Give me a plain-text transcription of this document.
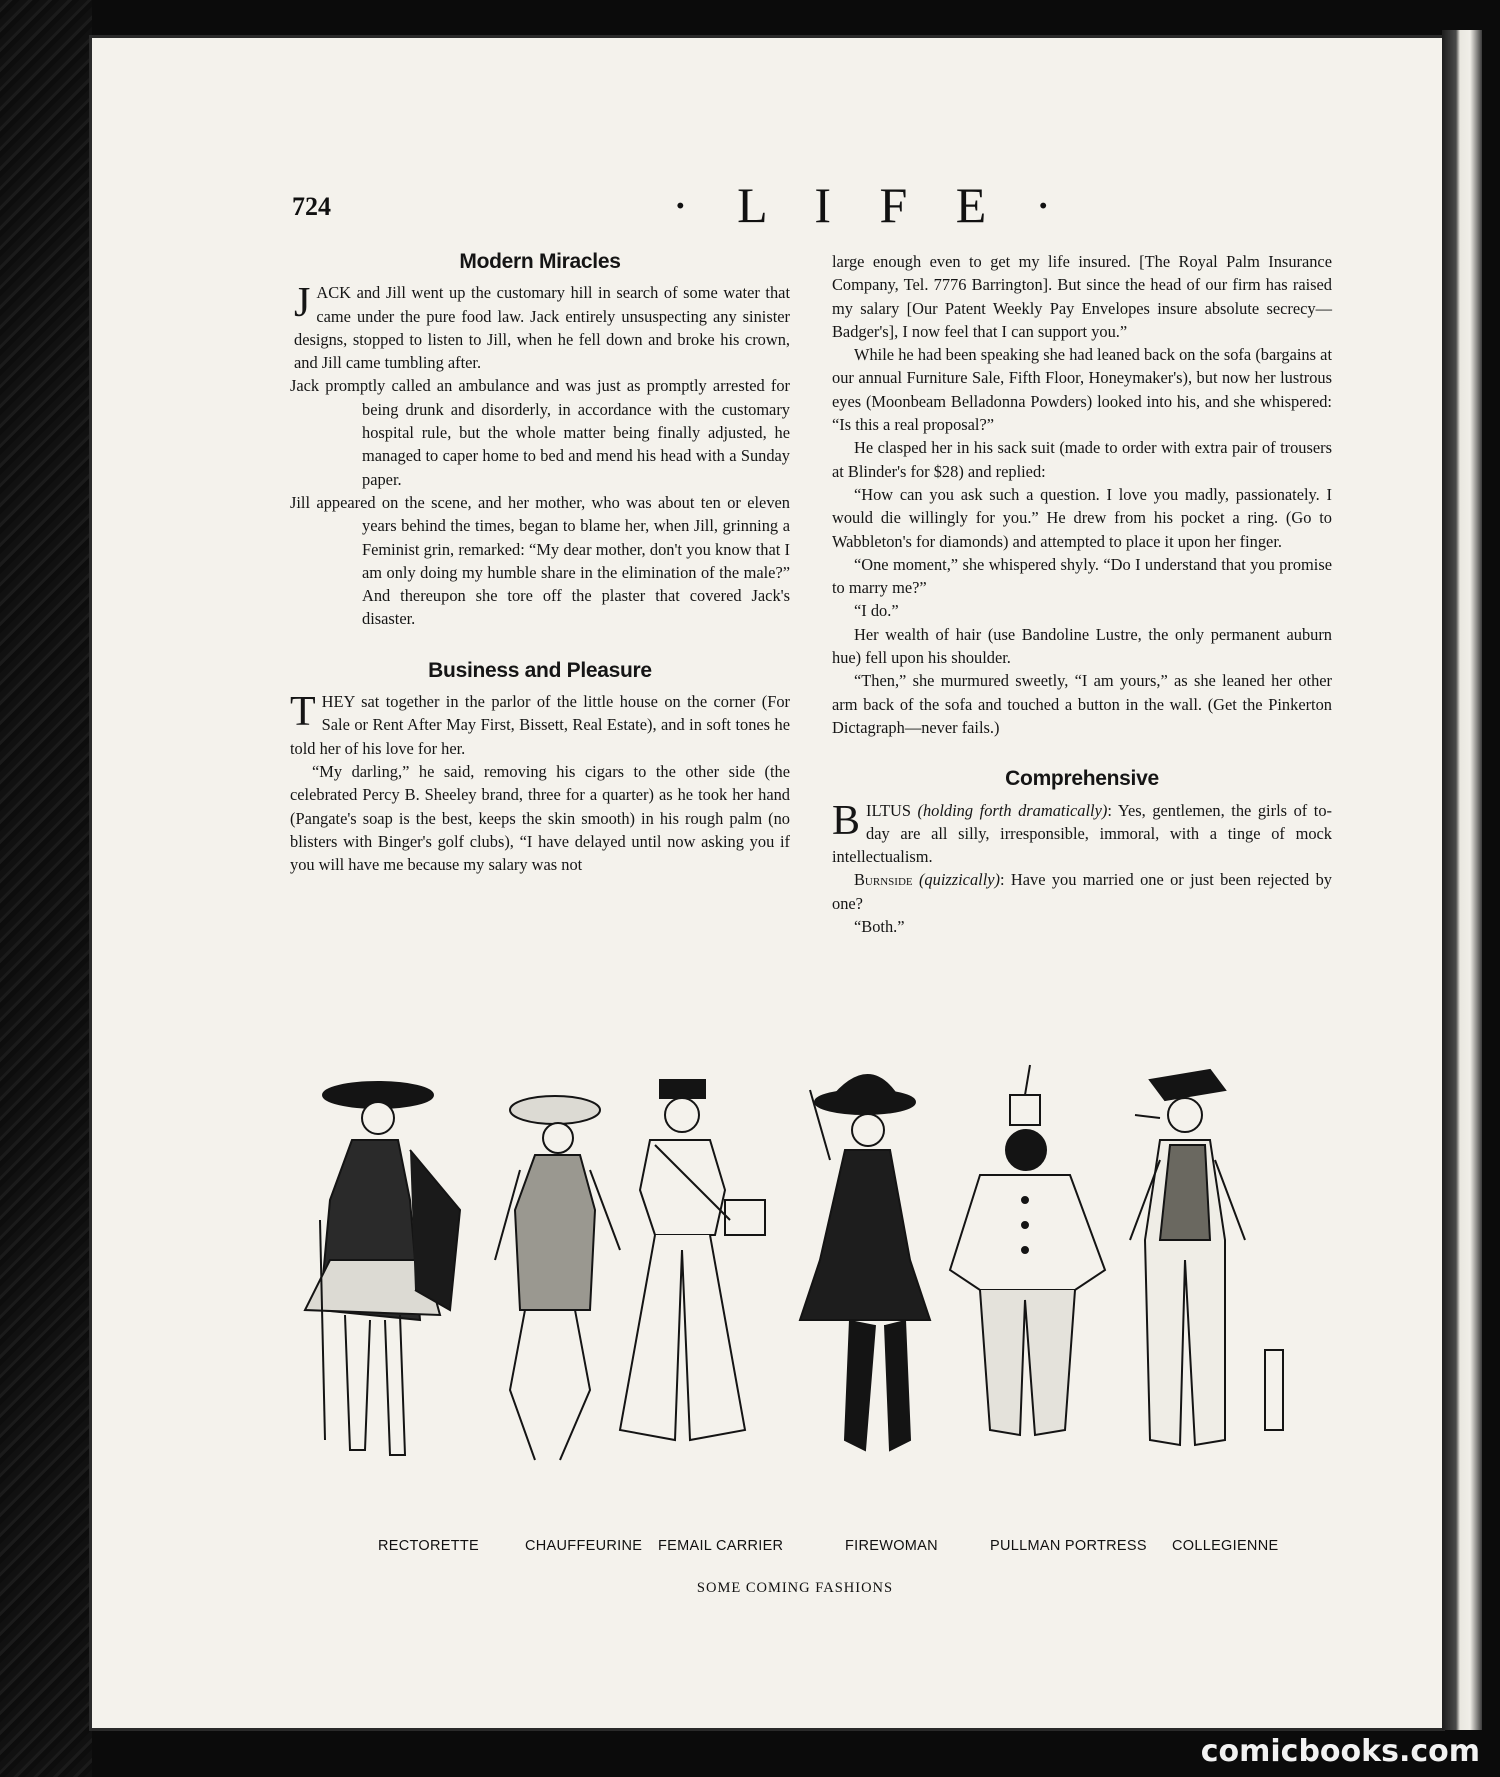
724	· L I F E ·
Modern Miracles

JACK and Jill went up the customary hill in search of some water that came under the pure food law. Jack entirely unsuspecting any sinister designs, stopped to listen to Jill, when he fell down and broke his crown, and Jill came tumbling after.

Jack promptly called an ambulance and was just as promptly arrested for being drunk and disorderly, in accordance with the customary hospital rule, but the whole matter being finally adjusted, he managed to caper home to bed and mend his head with a Sunday paper.

Jill appeared on the scene, and her mother, who was about ten or eleven years behind the times, began to blame her, when Jill, grinning a Feminist grin, remarked: “My dear mother, don't you know that I am only doing my humble share in the elimination of the male?” And thereupon she tore off the plaster that covered Jack's disaster.

Business and Pleasure

THEY sat together in the parlor of the little house on the corner (For Sale or Rent After May First, Bissett, Real Estate), and in soft tones he told her of his love for her.

“My darling,” he said, removing his cigars to the other side (the celebrated Percy B. Sheeley brand, three for a quarter) as he took her hand (Pangate's soap is the best, keeps the skin smooth) in his rough palm (no blisters with Binger's golf clubs), “I have delayed until now asking you if you will have me because my salary was not

large enough even to get my life insured. [The Royal Palm Insurance Company, Tel. 7776 Barrington]. But since the head of our firm has raised my salary [Our Patent Weekly Pay Envelopes insure absolute secrecy—Badger's], I now feel that I can support you.”

While he had been speaking she had leaned back on the sofa (bargains at our annual Furniture Sale, Fifth Floor, Honeymaker's), but now her lustrous eyes (Moonbeam Belladonna Powders) looked into his, and she whispered: “Is this a real proposal?”

He clasped her in his sack suit (made to order with extra pair of trousers at Blinder's for $28) and replied:

“How can you ask such a question. I love you madly, passionately. I would die willingly for you.” He drew from his pocket a ring. (Go to Wabbleton's for diamonds) and attempted to place it upon her finger.

“One moment,” she whispered shyly. “Do I understand that you promise to marry me?”

“I do.”

Her wealth of hair (use Bandoline Lustre, the only permanent auburn hue) fell upon his shoulder.

“Then,” she murmured sweetly, “I am yours,” as she leaned her other arm back of the sofa and touched a button in the wall. (Get the Pinkerton Dictagraph—never fails.)

Comprehensive

BILTUS (holding forth dramatically): Yes, gentlemen, the girls of to-day are all silly, irresponsible, immoral, with a tinge of mock intellectualism.

Burnside (quizzically): Have you married one or just been rejected by one?

“Both.”

RECTORETTE	CHAUFFEURINE FEMAIL CARRIER	FIREWOMAN	PULLMAN PORTRESS COLLEGIENNE
SOME COMING FASHIONS
comicbooks.com
